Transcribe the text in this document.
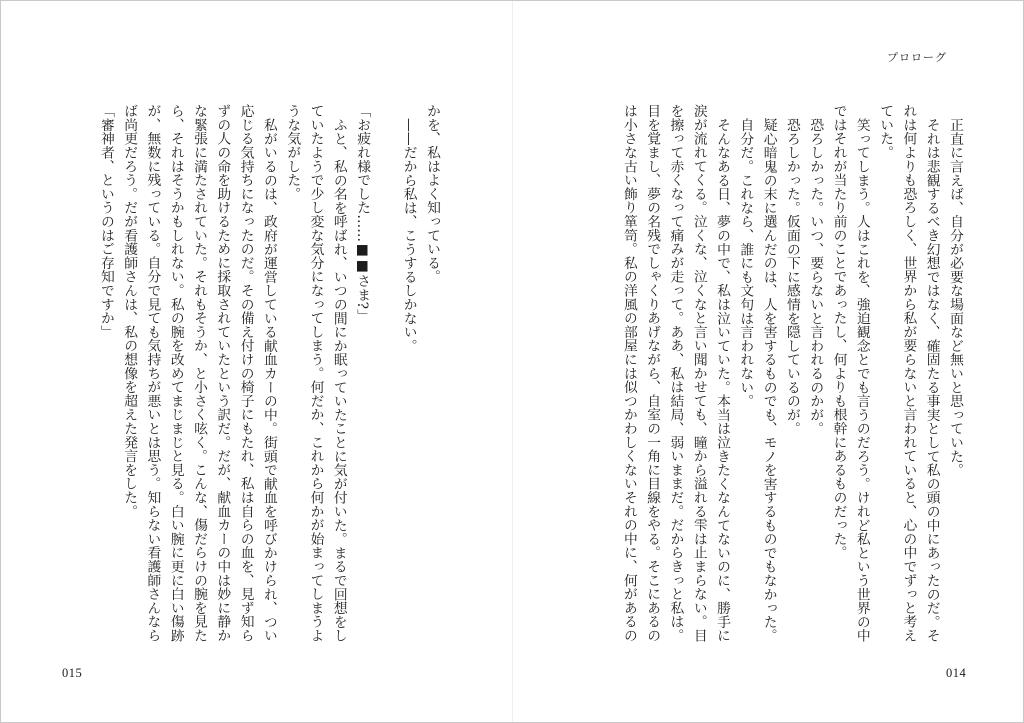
プロローグ

正直に言えば、自分が必要な場面など無いと思っていた。

それは悲観するべき幻想ではなく、確固たる事実として私の頭の中にあったのだ。そ

れは何よりも恐ろしく、世界から私が要らないと言われていると、心の中でずっと考え

ていた。

笑ってしまう。人はこれを、強迫観念とでも言うのだろう。けれど私という世界の中

ではそれが当たり前のことであったし、何よりも根幹にあるものだった。

恐ろしかった。いつ、要らないと言われるのかが。

恐ろしかった。仮面の下に感情を隠しているのが。

疑心暗鬼の末に選んだのは、人を害するものでも、モノを害するものでもなかった。

自分だ。これなら、誰にも文句は言われない。

そんなある日、夢の中で、私は泣いていた。本当は泣きたくなんてないのに、勝手に

涙が流れてくる。泣くな、泣くなと言い聞かせても、瞳から溢れる雫は止まらない。目

を擦って赤くなって痛みが走って。ああ、私は結局、弱いままだ。だからきっと私は。

目を覚まし、夢の名残でしゃくりあげながら、自室の一角に目線をやる。そこにあるの

は小さな古い飾り箪笥。私の洋風の部屋には似つかわしくないそれの中に、何があるの

かを、私はよく知っている。

——だから私は、こうするしかない。

「お疲れ様でした……■■さま?」

ふと、私の名を呼ばれ、いつの間にか眠っていたことに気が付いた。まるで回想をし

ていたようで少し変な気分になってしまう。何だか、これから何かが始まってしまうよ

うな気がした。

私がいるのは、政府が運営している献血カーの中。街頭で献血を呼びかけられ、つい

応じる気持ちになったのだ。その備え付けの椅子にもたれ、私は自らの血を、見ず知ら

ずの人の命を助けるために採取されていたという訳だ。だが、献血カーの中は妙に静か

な緊張に満たされていた。それもそうか、と小さく呟く。こんな、傷だらけの腕を見た

ら、それはそうかもしれない。私の腕を改めてまじまじと見る。白い腕に更に白い傷跡

が、無数に残っている。自分で見ても気持ちが悪いとは思う。知らない看護師さんなら

ば尚更だろう。だが看護師さんは、私の想像を超えた発言をした。

「審神者、というのはご存知ですか」

014
015
